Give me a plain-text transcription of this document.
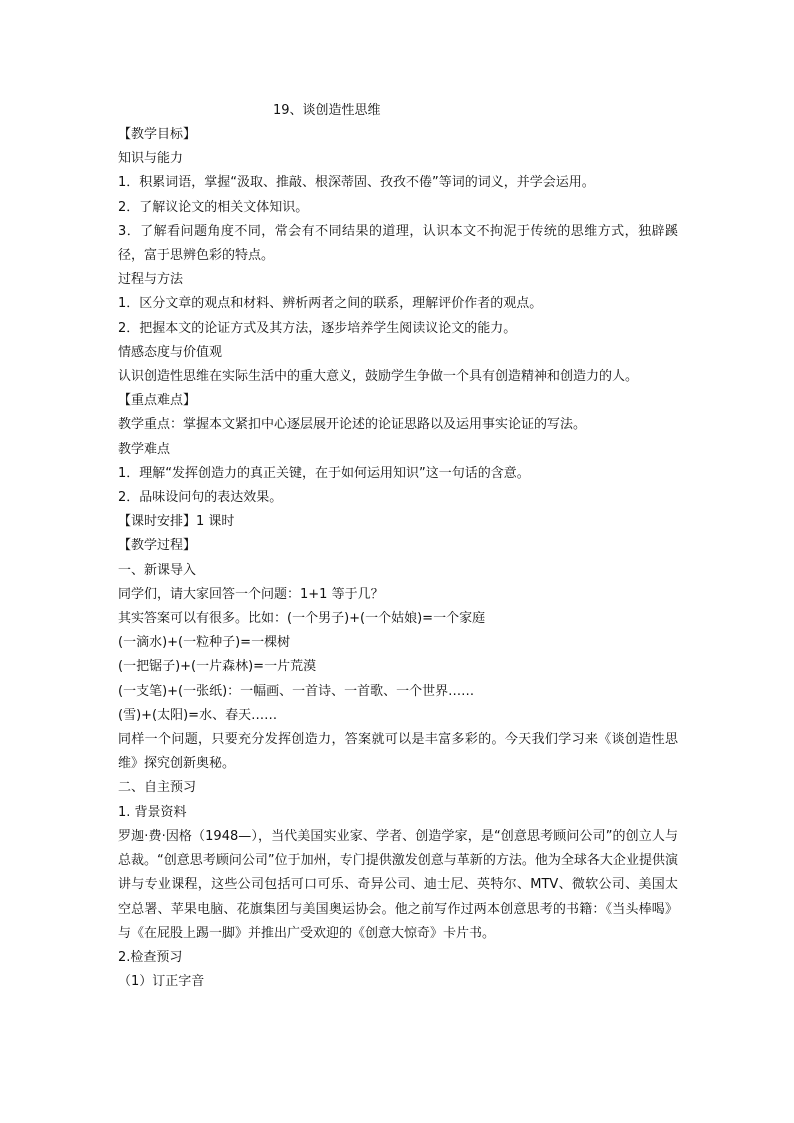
19、谈创造性思维
【教学目标】
知识与能力
1．积累词语，掌握“汲取、推敲、根深蒂固、孜孜不倦”等词的词义，并学会运用。
2．了解议论文的相关文体知识。
3．了解看问题角度不同，常会有不同结果的道理，认识本文不拘泥于传统的思维方式，独辟蹊径，富于思辨色彩的特点。
过程与方法
1．区分文章的观点和材料、辨析两者之间的联系，理解评价作者的观点。
2．把握本文的论证方式及其方法，逐步培养学生阅读议论文的能力。
情感态度与价值观
认识创造性思维在实际生活中的重大意义，鼓励学生争做一个具有创造精神和创造力的人。
【重点难点】
教学重点：掌握本文紧扣中心逐层展开论述的论证思路以及运用事实论证的写法。
教学难点
1．理解“发挥创造力的真正关键，在于如何运用知识”这一句话的含意。
2．品味设问句的表达效果。
【课时安排】1 课时
【教学过程】
一、新课导入
同学们，请大家回答一个问题：1+1 等于几？
其实答案可以有很多。比如：(一个男子)+(一个姑娘)=一个家庭
(一滴水)+(一粒种子)=一棵树
(一把锯子)+(一片森林)=一片荒漠
(一支笔)+(一张纸)：一幅画、一首诗、一首歌、一个世界……
(雪)+(太阳)=水、春天……
同样一个问题，只要充分发挥创造力，答案就可以是丰富多彩的。今天我们学习来《谈创造性思维》探究创新奥秘。
二、自主预习
1. 背景资料
罗迦·费·因格（1948—），当代美国实业家、学者、创造学家，是“创意思考顾问公司”的创立人与总裁。“创意思考顾问公司”位于加州，专门提供激发创意与革新的方法。他为全球各大企业提供演讲与专业课程，这些公司包括可口可乐、奇异公司、迪士尼、英特尔、MTV、微软公司、美国太空总署、苹果电脑、花旗集团与美国奥运协会。他之前写作过两本创意思考的书籍：《当头棒喝》与《在屁股上踢一脚》并推出广受欢迎的《创意大惊奇》卡片书。
2.检查预习
（1）订正字音
